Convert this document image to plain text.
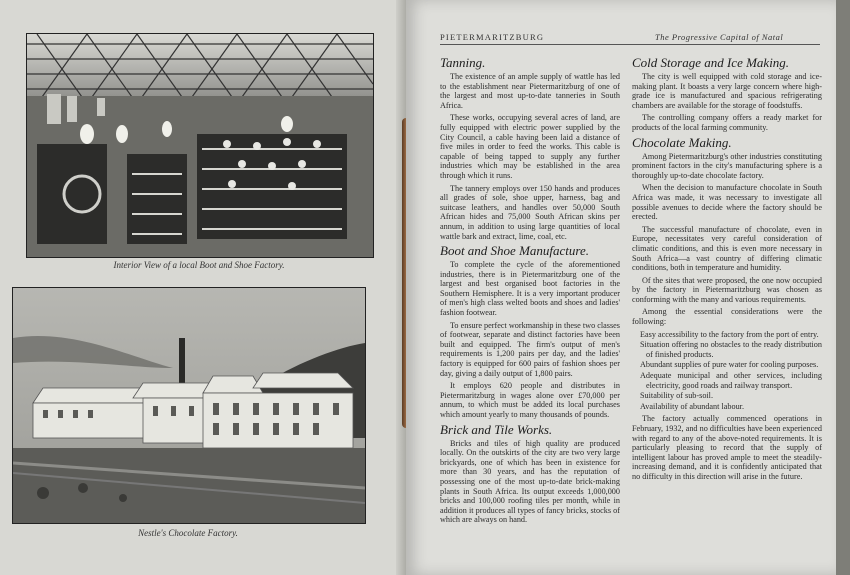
Interior View of a local Boot and Shoe Factory.
Nestle's Chocolate Factory.
PIETERMARITZBURG	The Progressive Capital of Natal
Tanning.

The existence of an ample supply of wattle has led to the establishment near Pietermaritzburg of one of the largest and most up-to-date tanneries in South Africa.

These works, occupying several acres of land, are fully equipped with electric power supplied by the City Council, a cable having been laid a distance of five miles in order to feed the works. This cable is capable of being tapped to supply any further industries which may be established in the area through which it runs.

The tannery employs over 150 hands and produces all grades of sole, shoe upper, harness, bag and suitcase leathers, and handles over 50,000 South African hides and 75,000 South African skins per annum, in addition to using large quantities of local wattle bark and extract, lime, coal, etc.

Boot and Shoe Manufacture.

To complete the cycle of the aforementioned industries, there is in Pietermaritzburg one of the largest and best organised boot factories in the Southern Hemisphere. It is a very important producer of men's high class welted boots and shoes and ladies' fashion footwear.

To ensure perfect workmanship in these two classes of footwear, separate and distinct factories have been built and equipped. The firm's output of men's requirements is 1,200 pairs per day, and the ladies' factory is equipped for 600 pairs of fashion shoes per day, giving a daily output of 1,800 pairs.

It employs 620 people and distributes in Pietermaritzburg in wages alone over £70,000 per annum, to which must be added its local purchases which amount yearly to many thousands of pounds.

Brick and Tile Works.

Bricks and tiles of high quality are produced locally. On the outskirts of the city are two very large brickyards, one of which has been in existence for more than 30 years, and has the reputation of possessing one of the most up-to-date brick-making plants in South Africa. Its output exceeds 1,000,000 bricks and 100,000 roofing tiles per month, while in addition it produces all types of fancy bricks, stocks of which are always on hand.

Cold Storage and Ice Making.

The city is well equipped with cold storage and ice-making plant. It boasts a very large concern where high-grade ice is manufactured and spacious refrigerating chambers are available for the storage of foodstuffs.

The controlling company offers a ready market for products of the local farming community.

Chocolate Making.

Among Pietermaritzburg's other industries constituting prominent factors in the city's manufacturing sphere is a thoroughly up-to-date chocolate factory.

When the decision to manufacture chocolate in South Africa was made, it was necessary to investigate all possible avenues to decide where the factory should be erected.

The successful manufacture of chocolate, even in Europe, necessitates very careful consideration of climatic conditions, and this is even more necessary in South Africa—a vast country of differing climatic conditions, both in temperature and humidity.

Of the sites that were proposed, the one now occupied by the factory in Pietermaritzburg was chosen as conforming with the many and various requirements.

Among the essential considerations were the following:

Easy accessibility to the factory from the port of entry.
Situation offering no obstacles to the ready distribution of finished products.
Abundant supplies of pure water for cooling purposes.
Adequate municipal and other services, including electricity, good roads and railway transport.
Suitability of sub-soil.
Availability of abundant labour.

The factory actually commenced operations in February, 1932, and no difficulties have been experienced with regard to any of the above-noted requirements. It is particularly pleasing to record that the supply of intelligent labour has proved ample to meet the steadily-increasing demand, and it is confidently anticipated that no difficulty in this direction will arise in the future.
